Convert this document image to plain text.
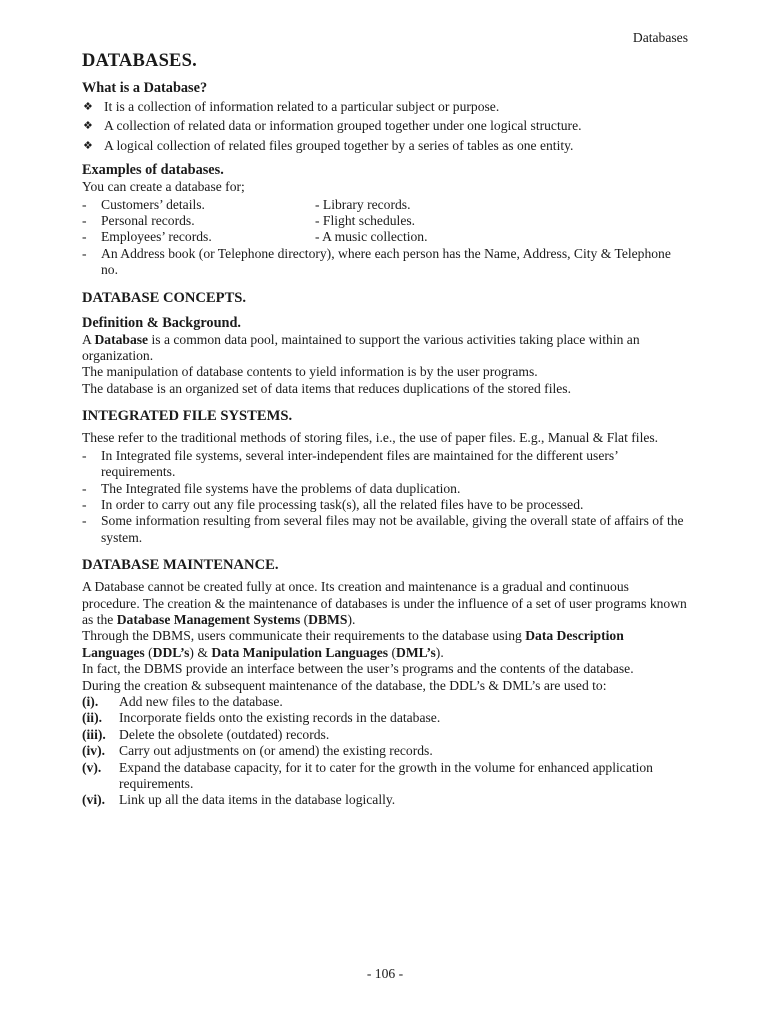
Databases
DATABASES.
What is a Database?
❖ It is a collection of information related to a particular subject or purpose.
❖ A collection of related data or information grouped together under one logical structure.
❖ A logical collection of related files grouped together by a series of tables as one entity.
Examples of databases.

You can create a database for;

- Customers’ details.	- Library records.
- Personal records.	- Flight schedules.
- Employees’ records.	- A music collection.
- An Address book (or Telephone directory), where each person has the Name, Address, City & Telephone no.
DATABASE CONCEPTS.
Definition & Background.

A Database is a common data pool, maintained to support the various activities taking place within an organization.

The manipulation of database contents to yield information is by the user programs.

The database is an organized set of data items that reduces duplications of the stored files.

INTEGRATED FILE SYSTEMS.

These refer to the traditional methods of storing files, i.e., the use of paper files. E.g., Manual & Flat files.

- In Integrated file systems, several inter-independent files are maintained for the different users’ requirements.
- The Integrated file systems have the problems of data duplication.
- In order to carry out any file processing task(s), all the related files have to be processed.
- Some information resulting from several files may not be available, giving the overall state of affairs of the system.
DATABASE MAINTENANCE.

A Database cannot be created fully at once. Its creation and maintenance is a gradual and continuous procedure. The creation & the maintenance of databases is under the influence of a set of user programs known as the Database Management Systems (DBMS).

Through the DBMS, users communicate their requirements to the database using Data Description Languages (DDL’s) & Data Manipulation Languages (DML’s).

In fact, the DBMS provide an interface between the user’s programs and the contents of the database.

During the creation & subsequent maintenance of the database, the DDL’s & DML’s are used to:

(i). Add new files to the database.
(ii). Incorporate fields onto the existing records in the database.
(iii). Delete the obsolete (outdated) records.
(iv). Carry out adjustments on (or amend) the existing records.
(v). Expand the database capacity, for it to cater for the growth in the volume for enhanced application requirements.
(vi). Link up all the data items in the database logically.
- 106 -
